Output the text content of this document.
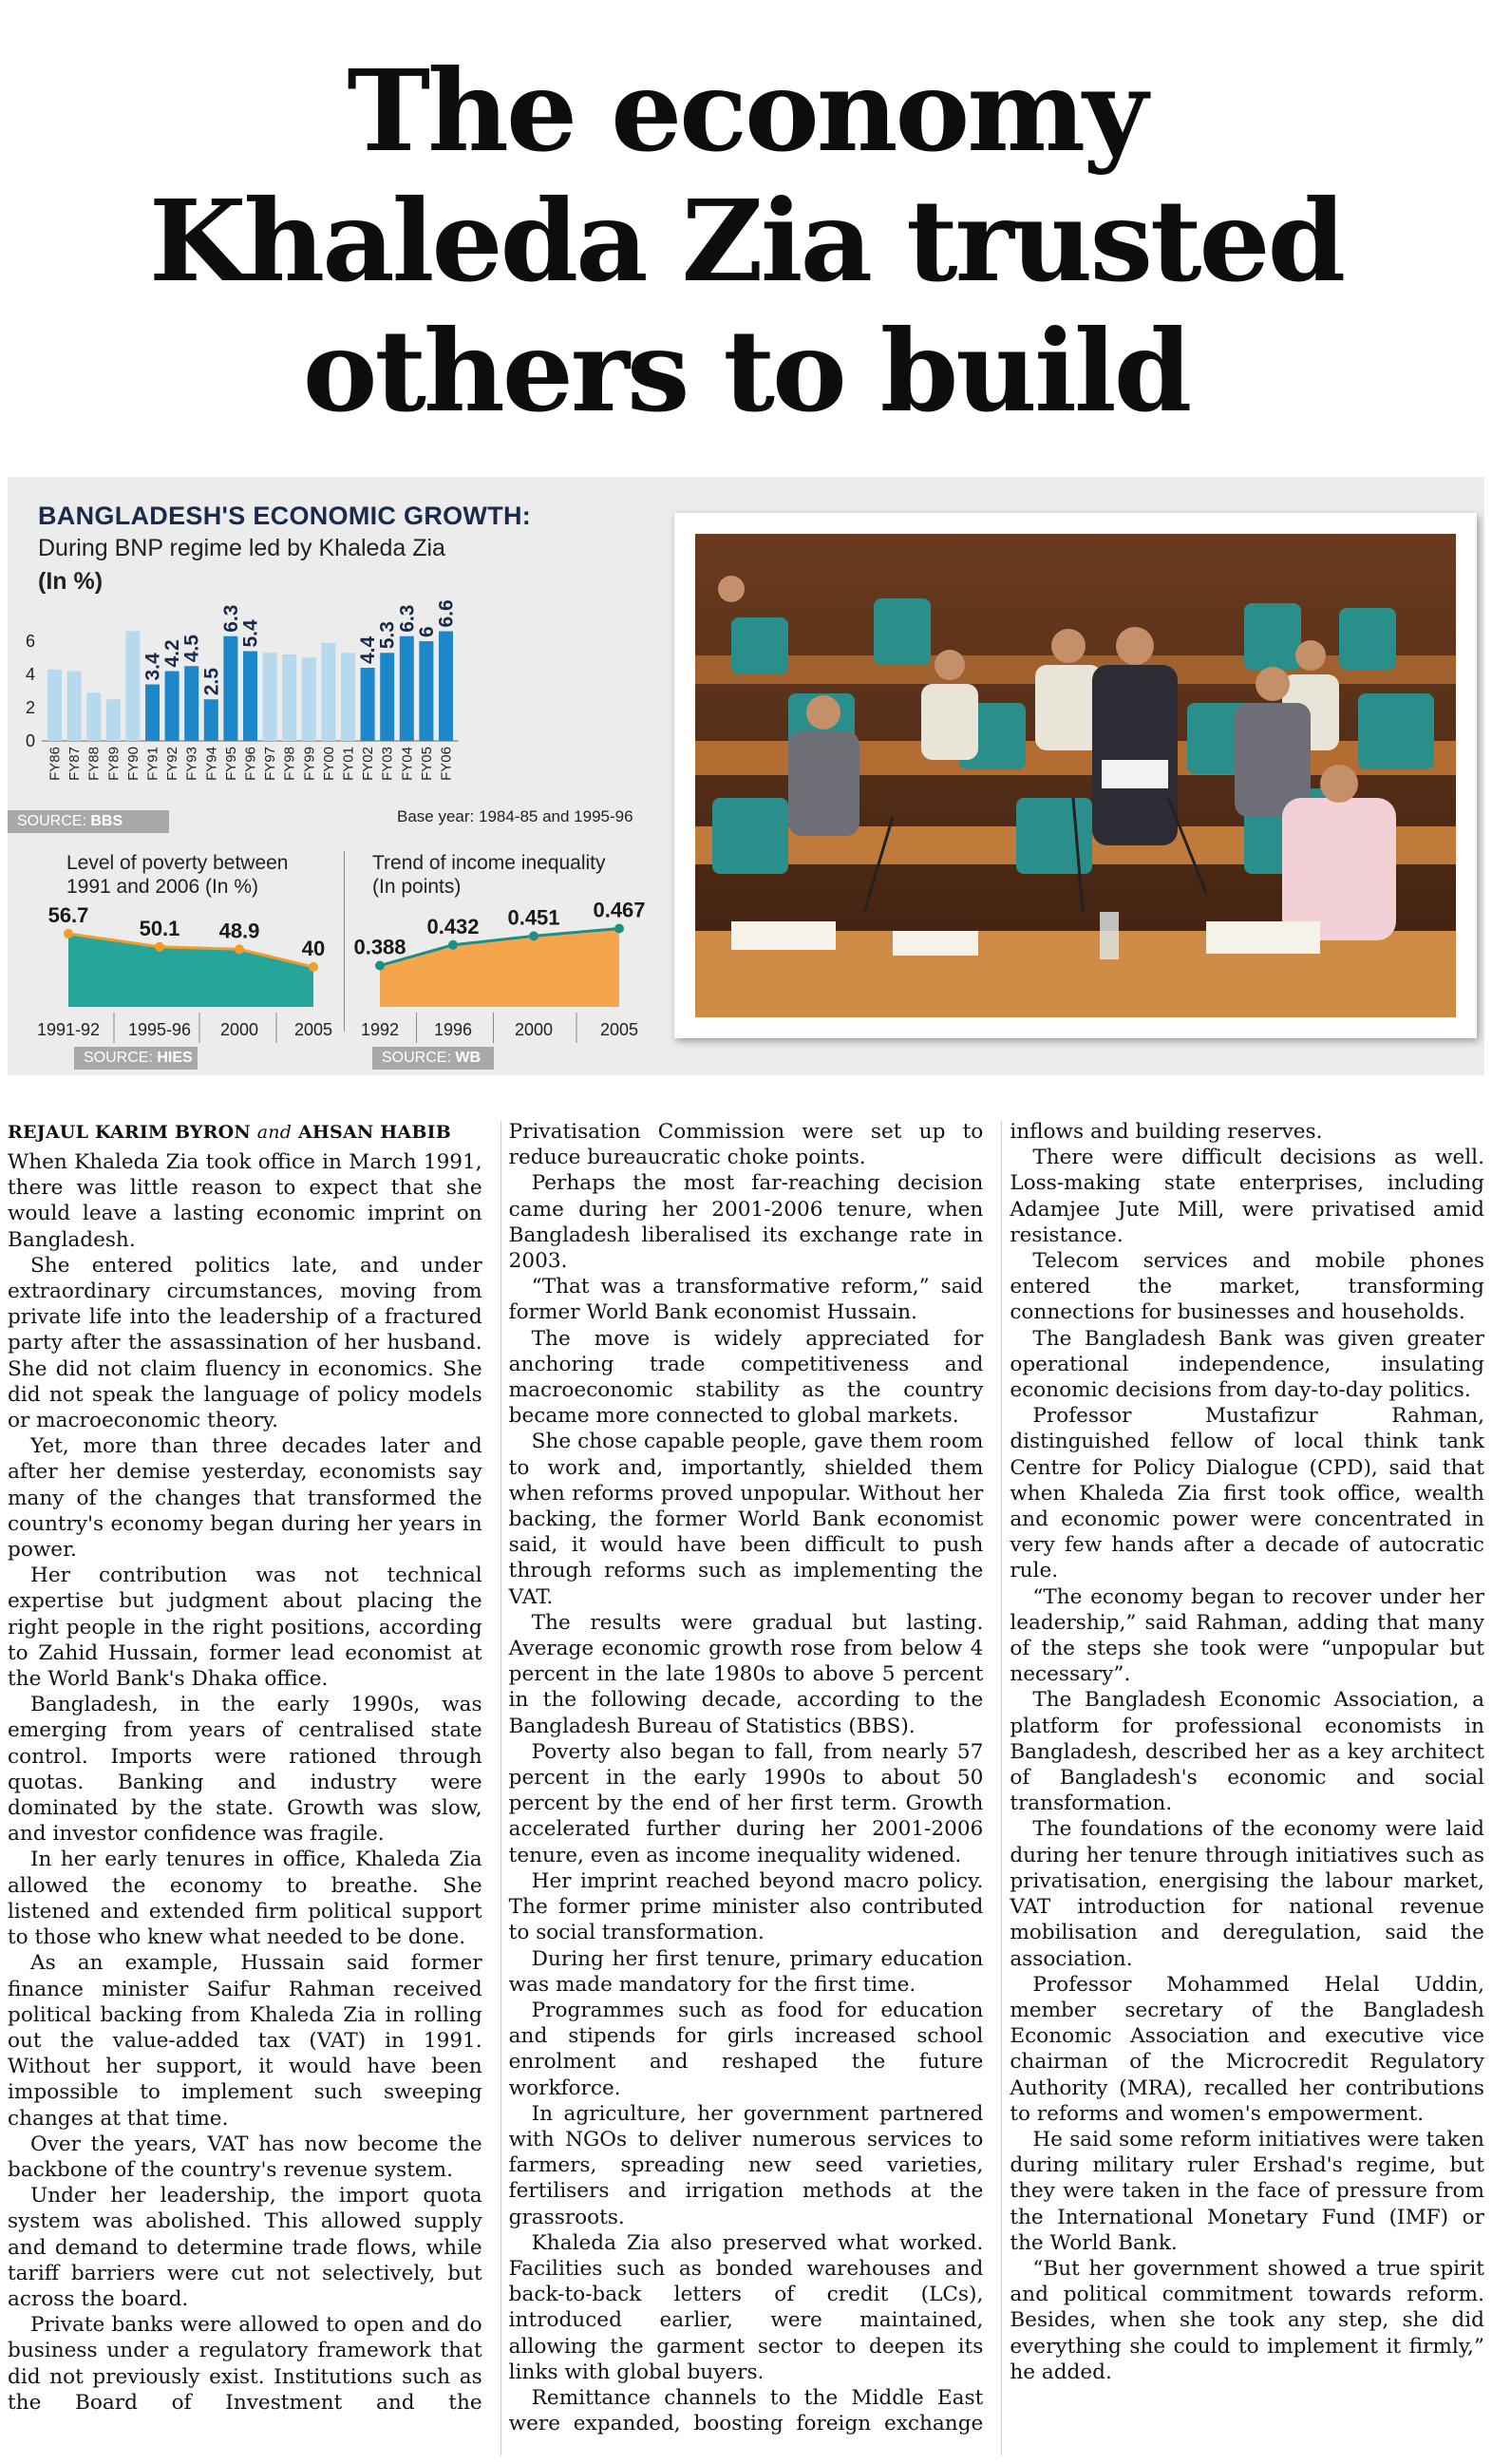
The economy
Khaleda Zia trusted
others to build
BANGLADESH'S ECONOMIC GROWTH:
During BNP regime led by Khaleda Zia
(In %)
0
2
4
6
FY86 FY87 FY88 FY89 FY90 FY91
3.4
FY92
4.2
FY93
4.5
FY94
2.5
FY95
6.3
FY96
5.4
FY97 FY98 FY99 FY00 FY01 FY02
4.4
FY03
5.3
FY04
6.3
FY05
6
FY06
6.6
SOURCE: BBS	Base year: 1984-85 and 1995-96
Level of poverty between
1991 and 2006 (In %)
56.7
1991-92
50.1
1995-96
48.9
2000
40
2005
Trend of income inequality
(In points)
0.388
1992
0.432
1996
0.451
2000
0.467
2005
SOURCE: HIES	SOURCE: WB
REJAUL KARIM BYRON and AHSAN HABIB

When Khaleda Zia took office in March 1991, there was little reason to expect that she would leave a lasting economic imprint on Bangladesh.

She entered politics late, and under extraordinary circumstances, moving from private life into the leadership of a fractured party after the assassination of her husband. She did not claim fluency in economics. She did not speak the language of policy models or macroeconomic theory.

Yet, more than three decades later and after her demise yesterday, economists say many of the changes that transformed the country's economy began during her years in power.

Her contribution was not technical expertise but judgment about placing the right people in the right positions, according to Zahid Hussain, former lead economist at the World Bank's Dhaka office.

Bangladesh, in the early 1990s, was emerging from years of centralised state control. Imports were rationed through quotas. Banking and industry were dominated by the state. Growth was slow, and investor confidence was fragile.

In her early tenures in office, Khaleda Zia allowed the economy to breathe. She listened and extended firm political support to those who knew what needed to be done.

As an example, Hussain said former finance minister Saifur Rahman received political backing from Khaleda Zia in rolling out the value-added tax (VAT) in 1991. Without her support, it would have been impossible to implement such sweeping changes at that time.

Over the years, VAT has now become the backbone of the country's revenue system.

Under her leadership, the import quota system was abolished. This allowed supply and demand to determine trade flows, while tariff barriers were cut not selectively, but across the board.

Private banks were allowed to open and do business under a regulatory framework that did not previously exist. Institutions such as the Board of Investment and the Privatisation Commission were set up to reduce bureaucratic choke points.

Perhaps the most far-reaching decision came during her 2001-2006 tenure, when Bangladesh liberalised its exchange rate in 2003.

“That was a transformative reform,” said former World Bank economist Hussain.

The move is widely appreciated for anchoring trade competitiveness and macroeconomic stability as the country became more connected to global markets.

She chose capable people, gave them room to work and, importantly, shielded them when reforms proved unpopular. Without her backing, the former World Bank economist said, it would have been difficult to push through reforms such as implementing the VAT.

The results were gradual but lasting. Average economic growth rose from below 4 percent in the late 1980s to above 5 percent in the following decade, according to the Bangladesh Bureau of Statistics (BBS).

Poverty also began to fall, from nearly 57 percent in the early 1990s to about 50 percent by the end of her first term. Growth accelerated further during her 2001-2006 tenure, even as income inequality widened.

Her imprint reached beyond macro policy. The former prime minister also contributed to social transformation.

During her first tenure, primary education was made mandatory for the first time.

Programmes such as food for education and stipends for girls increased school enrolment and reshaped the future workforce.

In agriculture, her government partnered with NGOs to deliver numerous services to farmers, spreading new seed varieties, fertilisers and irrigation methods at the grassroots.

Khaleda Zia also preserved what worked. Facilities such as bonded warehouses and back-to-back letters of credit (LCs), introduced earlier, were maintained, allowing the garment sector to deepen its links with global buyers.

Remittance channels to the Middle East were expanded, boosting foreign exchange inflows and building reserves.

There were difficult decisions as well. Loss-making state enterprises, including Adamjee Jute Mill, were privatised amid resistance.

Telecom services and mobile phones entered the market, transforming connections for businesses and households.

The Bangladesh Bank was given greater operational independence, insulating economic decisions from day-to-day politics.

Professor Mustafizur Rahman, distinguished fellow of local think tank Centre for Policy Dialogue (CPD), said that when Khaleda Zia first took office, wealth and economic power were concentrated in very few hands after a decade of autocratic rule.

“The economy began to recover under her leadership,” said Rahman, adding that many of the steps she took were “unpopular but necessary”.

The Bangladesh Economic Association, a platform for professional economists in Bangladesh, described her as a key architect of Bangladesh's economic and social transformation.

The foundations of the economy were laid during her tenure through initiatives such as privatisation, energising the labour market, VAT introduction for national revenue mobilisation and deregulation, said the association.

Professor Mohammed Helal Uddin, member secretary of the Bangladesh Economic Association and executive vice chairman of the Microcredit Regulatory Authority (MRA), recalled her contributions to reforms and women's empowerment.

He said some reform initiatives were taken during military ruler Ershad's regime, but they were taken in the face of pressure from the International Monetary Fund (IMF) or the World Bank.

“But her government showed a true spirit and political commitment towards reform. Besides, when she took any step, she did everything she could to implement it firmly,” he added.
